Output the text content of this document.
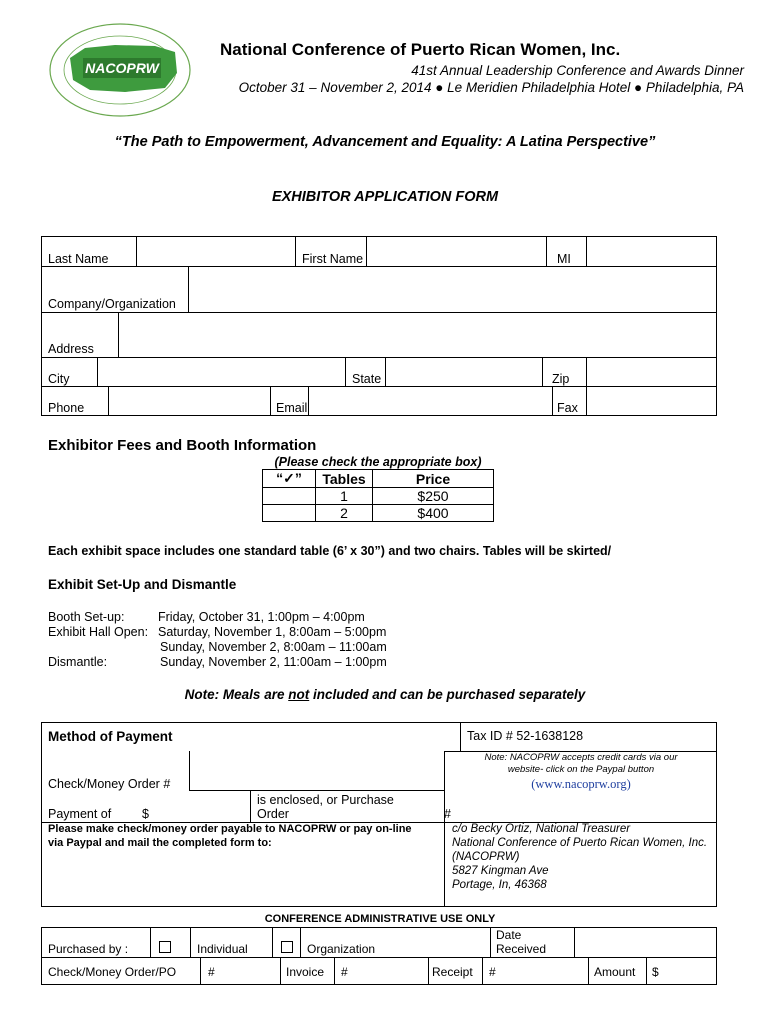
NACOPRW
National Conference of Puerto Rican Women, Inc.
41st Annual Leadership Conference and Awards Dinner
October 31 – November 2, 2014 ● Le Meridien Philadelphia Hotel ● Philadelphia, PA
“The Path to Empowerment, Advancement and Equality: A Latina Perspective”
EXHIBITOR APPLICATION FORM
Last Name	First Name	MI
Company/Organization
Address
City	State	Zip
Phone	Email	Fax
Exhibitor Fees and Booth Information
(Please check the appropriate box)
“✓”	Tables	Price
	1	$250
	2	$400
Each exhibit space includes one standard table (6’ x 30”) and two chairs. Tables will be skirted/
Exhibit Set-Up and Dismantle
Booth Set-up:	Friday, October 31, 1:00pm – 4:00pm
Exhibit Hall Open: Saturday, November 1, 8:00am – 5:00pm
Sunday, November 2, 8:00am – 11:00am
Dismantle:	Sunday, November 2, 11:00am – 1:00pm
Note: Meals are not included and can be purchased separately
Method of Payment	Tax ID # 52-1638128
Note: NACOPRW accepts credit cards via our
website- click on the Paypal button
(www.nacoprw.org)
Check/Money Order #
Payment of $
is enclosed, or Purchase
Order	#
Please make check/money order payable to NACOPRW or pay on-line
via Paypal and mail the completed form to:
c/o Becky Ortiz, National Treasurer
National Conference of Puerto Rican Women, Inc.
(NACOPRW)
5827 Kingman Ave
Portage, In, 46368
CONFERENCE ADMINISTRATIVE USE ONLY
Purchased by :	Individual	Organization
Date
Received
Check/Money Order/PO	#	Invoice #	Receipt #	Amount $
